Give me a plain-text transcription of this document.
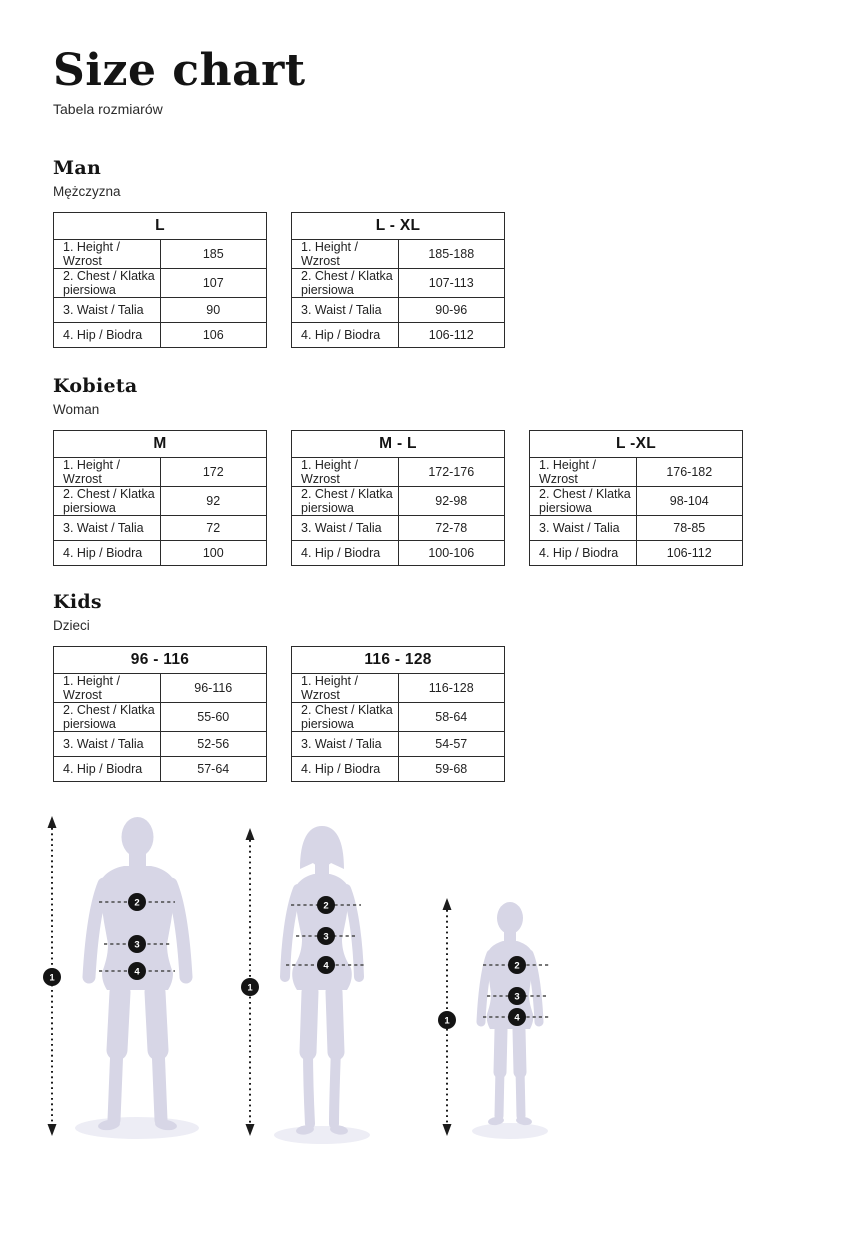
Size chart
Tabela rozmiarów
Man
Mężczyzna
L	
1. Height / Wzrost	185
2. Chest / Klatka piersiowa	107
3. Waist / Talia	90
4. Hip / Biodra	106
L - XL	
1. Height / Wzrost	185-188
2. Chest / Klatka piersiowa	107-113
3. Waist / Talia	90-96
4. Hip / Biodra	106-112
Kobieta
Woman
M	
1. Height / Wzrost	172
2. Chest / Klatka piersiowa	92
3. Waist / Talia	72
4. Hip / Biodra	100
M - L	
1. Height / Wzrost	172-176
2. Chest / Klatka piersiowa	92-98
3. Waist / Talia	72-78
4. Hip / Biodra	100-106
L -XL	
1. Height / Wzrost	176-182
2. Chest / Klatka piersiowa	98-104
3. Waist / Talia	78-85
4. Hip / Biodra	106-112
Kids
Dzieci
96 - 116	
1. Height / Wzrost	96-116
2. Chest / Klatka piersiowa	55-60
3. Waist / Talia	52-56
4. Hip / Biodra	57-64
116 - 128	
1. Height / Wzrost	116-128
2. Chest / Klatka piersiowa	58-64
3. Waist / Talia	54-57
4. Hip / Biodra	59-68
2
3
4
1
2
3
4
1
2
3
4
1
